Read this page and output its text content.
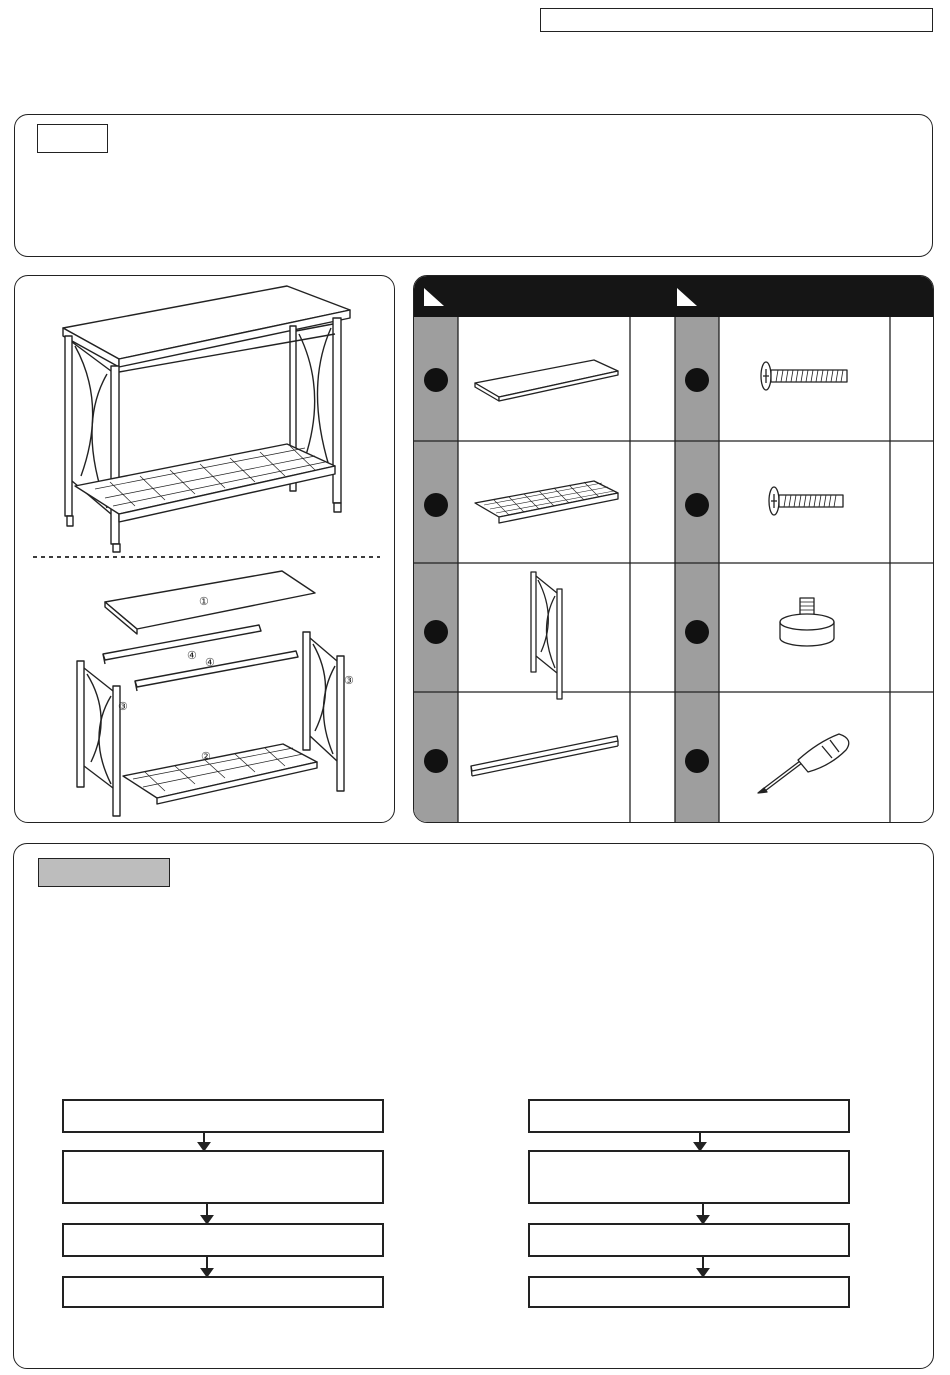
①
②
③
③
④
④
